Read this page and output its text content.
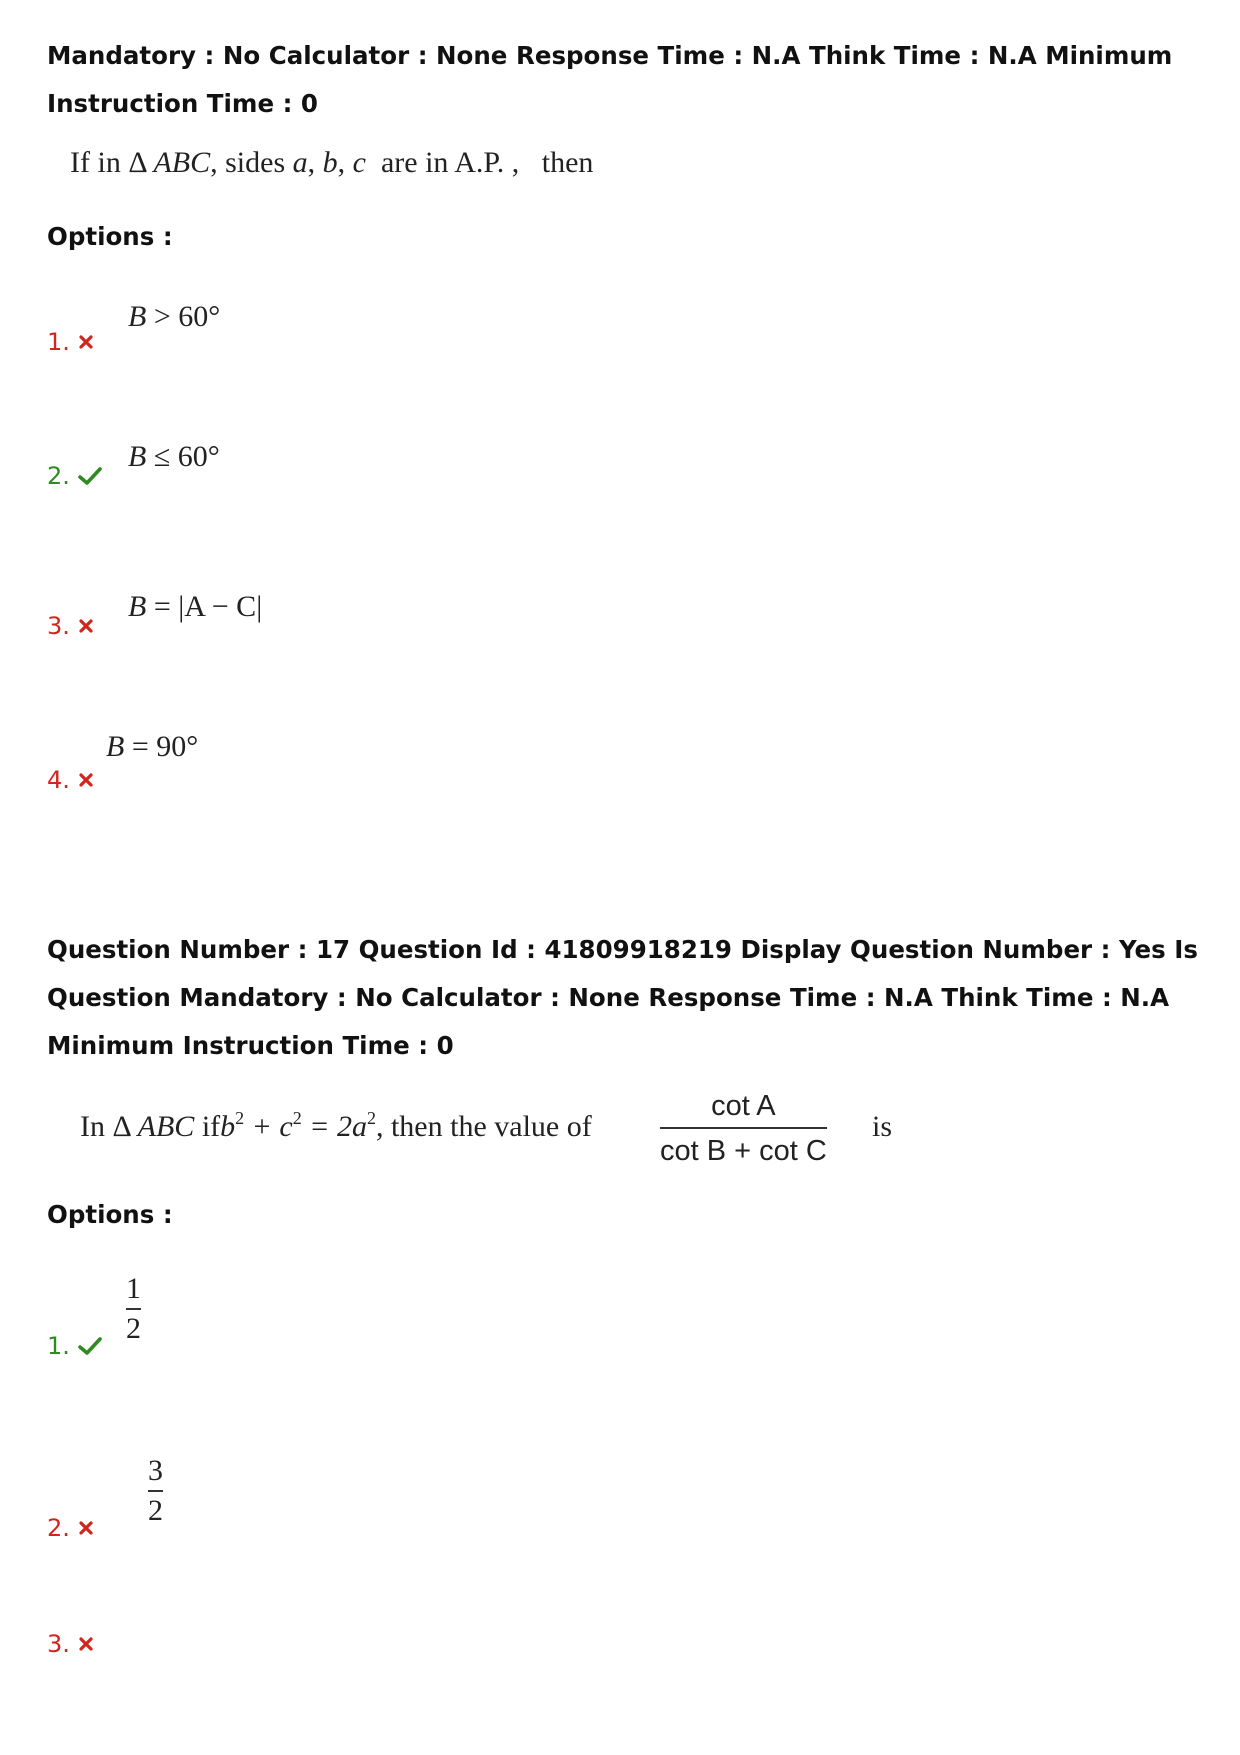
Mandatory : No Calculator : None Response Time : N.A Think Time : N.A Minimum Instruction Time : 0
If in Δ ABC, sides a, b, c are in A.P. , then
Options :
B > 60°
1.
B ≤ 60°
2.
B = |A − C|
3.
B = 90°
4.
Question Number : 17 Question Id : 41809918219 Display Question Number : Yes Is Question Mandatory : No Calculator : None Response Time : N.A Think Time : N.A Minimum Instruction Time : 0
In Δ ABC $ifb^2 + c^2 = 2a^2$, then the value of
cot A
cot B + cot C
is
Options :
1
2
1.
3
2
2.
3.
